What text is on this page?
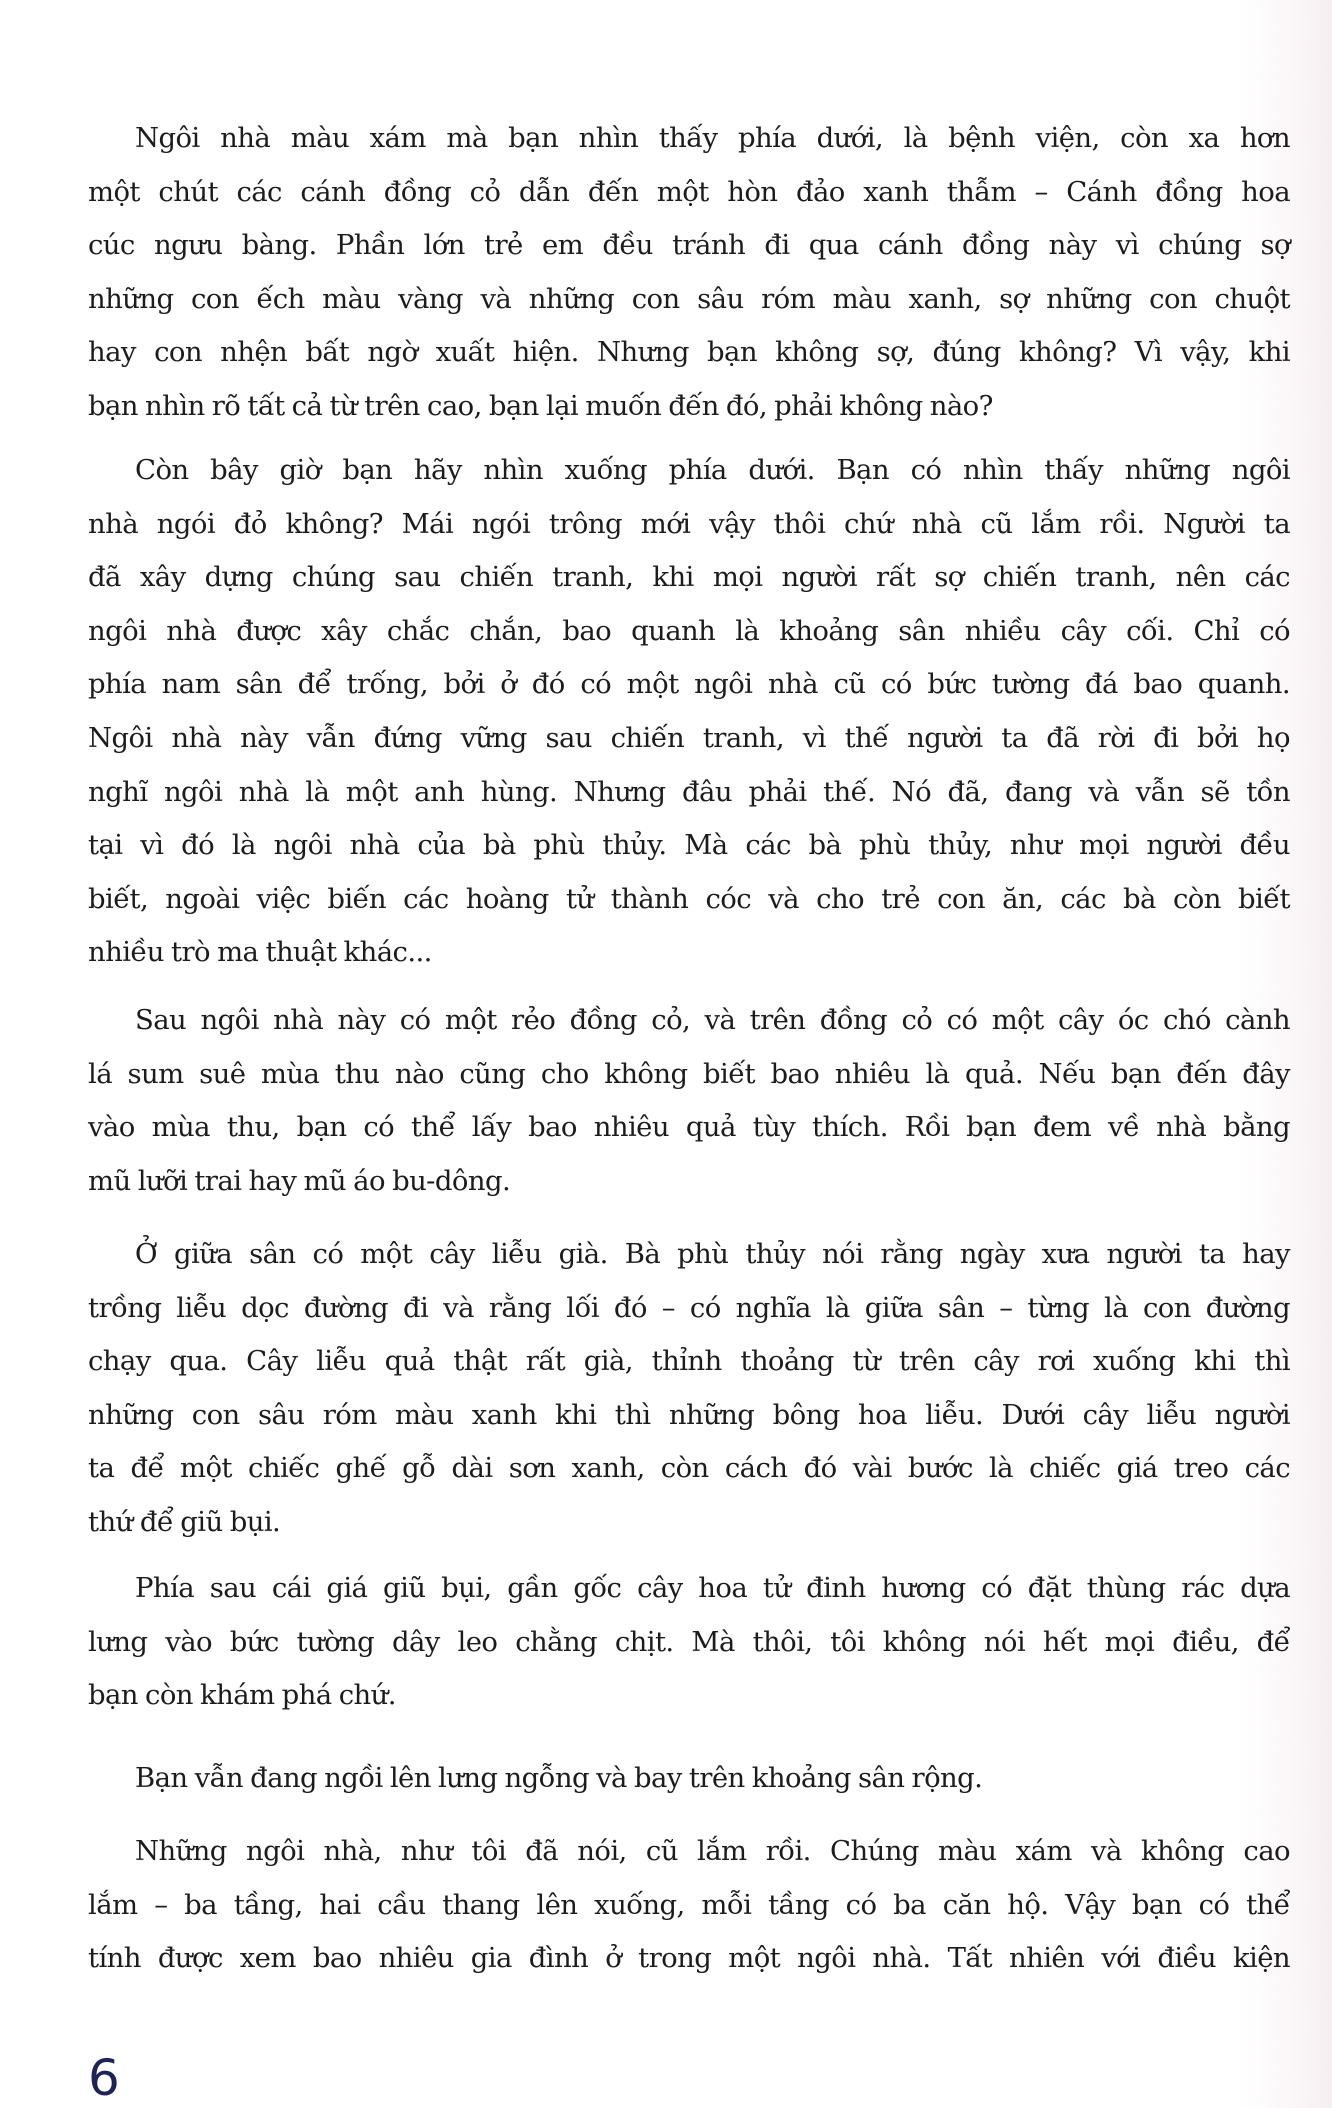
Ngôi nhà màu xám mà bạn nhìn thấy phía dưới, là bệnh viện, còn xa hơn
một chút các cánh đồng cỏ dẫn đến một hòn đảo xanh thẫm – Cánh đồng hoa
cúc ngưu bàng. Phần lớn trẻ em đều tránh đi qua cánh đồng này vì chúng sợ
những con ếch màu vàng và những con sâu róm màu xanh, sợ những con chuột
hay con nhện bất ngờ xuất hiện. Nhưng bạn không sợ, đúng không? Vì vậy, khi
bạn nhìn rõ tất cả từ trên cao, bạn lại muốn đến đó, phải không nào?

Còn bây giờ bạn hãy nhìn xuống phía dưới. Bạn có nhìn thấy những ngôi
nhà ngói đỏ không? Mái ngói trông mới vậy thôi chứ nhà cũ lắm rồi. Người ta
đã xây dựng chúng sau chiến tranh, khi mọi người rất sợ chiến tranh, nên các
ngôi nhà được xây chắc chắn, bao quanh là khoảng sân nhiều cây cối. Chỉ có
phía nam sân để trống, bởi ở đó có một ngôi nhà cũ có bức tường đá bao quanh.
Ngôi nhà này vẫn đứng vững sau chiến tranh, vì thế người ta đã rời đi bởi họ
nghĩ ngôi nhà là một anh hùng. Nhưng đâu phải thế. Nó đã, đang và vẫn sẽ tồn
tại vì đó là ngôi nhà của bà phù thủy. Mà các bà phù thủy, như mọi người đều
biết, ngoài việc biến các hoàng tử thành cóc và cho trẻ con ăn, các bà còn biết
nhiều trò ma thuật khác...

Sau ngôi nhà này có một rẻo đồng cỏ, và trên đồng cỏ có một cây óc chó cành
lá sum suê mùa thu nào cũng cho không biết bao nhiêu là quả. Nếu bạn đến đây
vào mùa thu, bạn có thể lấy bao nhiêu quả tùy thích. Rồi bạn đem về nhà bằng
mũ lưỡi trai hay mũ áo bu-dông.

Ở giữa sân có một cây liễu già. Bà phù thủy nói rằng ngày xưa người ta hay
trồng liễu dọc đường đi và rằng lối đó – có nghĩa là giữa sân – từng là con đường
chạy qua. Cây liễu quả thật rất già, thỉnh thoảng từ trên cây rơi xuống khi thì
những con sâu róm màu xanh khi thì những bông hoa liễu. Dưới cây liễu người
ta để một chiếc ghế gỗ dài sơn xanh, còn cách đó vài bước là chiếc giá treo các
thứ để giũ bụi.

Phía sau cái giá giũ bụi, gần gốc cây hoa tử đinh hương có đặt thùng rác dựa
lưng vào bức tường dây leo chằng chịt. Mà thôi, tôi không nói hết mọi điều, để
bạn còn khám phá chứ.

Bạn vẫn đang ngồi lên lưng ngỗng và bay trên khoảng sân rộng.

Những ngôi nhà, như tôi đã nói, cũ lắm rồi. Chúng màu xám và không cao
lắm – ba tầng, hai cầu thang lên xuống, mỗi tầng có ba căn hộ. Vậy bạn có thể
tính được xem bao nhiêu gia đình ở trong một ngôi nhà. Tất nhiên với điều kiện

6
